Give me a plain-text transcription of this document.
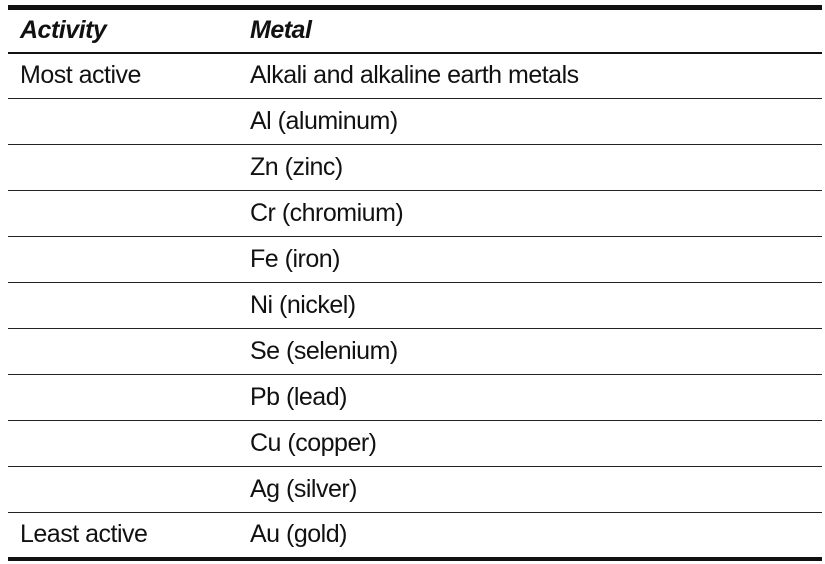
Activity	Metal
Most active	Alkali and alkaline earth metals
	Al (aluminum)
	Zn (zinc)
	Cr (chromium)
	Fe (iron)
	Ni (nickel)
	Se (selenium)
	Pb (lead)
	Cu (copper)
	Ag (silver)
Least active	Au (gold)
